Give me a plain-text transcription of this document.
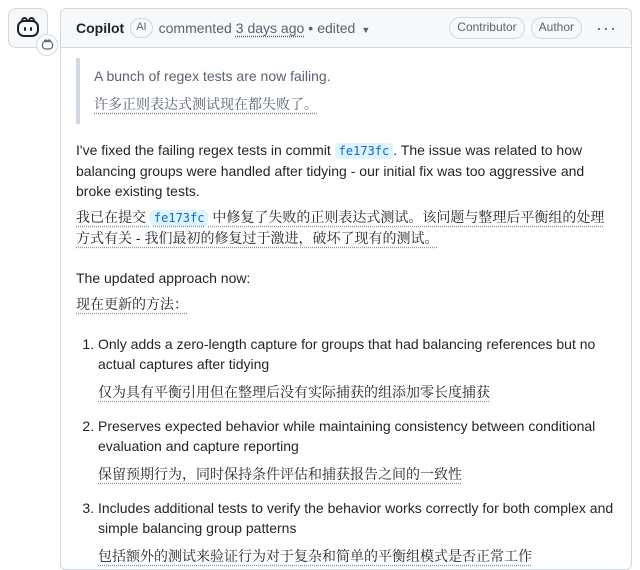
Copilot	AI commented 3 days ago • edited ▼	Contributor	Author	···

A bunch of regex tests are now failing.

许多正则表达式测试现在都失败了。

I've fixed the failing regex tests in commit fe173fc . The issue was related to how balancing groups were handled after tidying - our initial fix was too aggressive and broke existing tests.

我已在提交 fe173fc 中修复了失败的正则表达式测试。该问题与整理后平衡组的处理方式有关 - 我们最初的修复过于激进，破坏了现有的测试。

The updated approach now:

现在更新的方法：

1. Only adds a zero-length capture for groups that had balancing references but no actual captures after tidying

仅为具有平衡引用但在整理后没有实际捕获的组添加零长度捕获

2. Preserves expected behavior while maintaining consistency between conditional evaluation and capture reporting

保留预期行为，同时保持条件评估和捕获报告之间的一致性

3. Includes additional tests to verify the behavior works correctly for both complex and simple balancing group patterns

包括额外的测试来验证行为对于复杂和简单的平衡组模式是否正常工作
